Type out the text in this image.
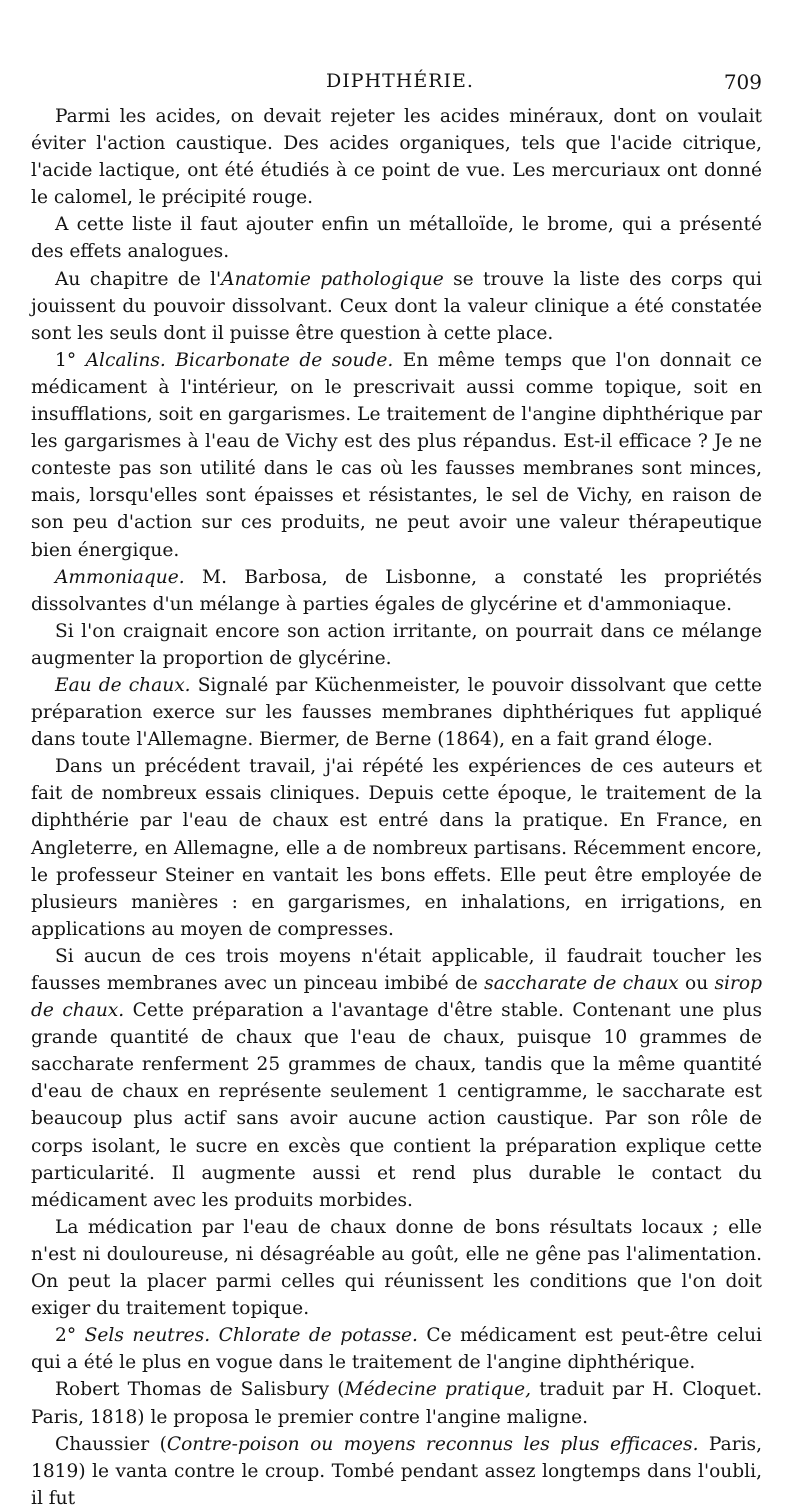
DIPHTHÉRIE.	709

Parmi les acides, on devait rejeter les acides minéraux, dont on voulait éviter l'action caustique. Des acides organiques, tels que l'acide citrique, l'acide lactique, ont été étudiés à ce point de vue. Les mercuriaux ont donné le calomel, le précipité rouge.

A cette liste il faut ajouter enfin un métalloïde, le brome, qui a présenté des effets analogues.

Au chapitre de l'Anatomie pathologique se trouve la liste des corps qui jouissent du pouvoir dissolvant. Ceux dont la valeur clinique a été constatée sont les seuls dont il puisse être question à cette place.

1° Alcalins. Bicarbonate de soude. En même temps que l'on donnait ce médicament à l'intérieur, on le prescrivait aussi comme topique, soit en insufflations, soit en gargarismes. Le traitement de l'angine diphthérique par les gargarismes à l'eau de Vichy est des plus répandus. Est-il efficace ? Je ne conteste pas son utilité dans le cas où les fausses membranes sont minces, mais, lorsqu'elles sont épaisses et résistantes, le sel de Vichy, en raison de son peu d'action sur ces produits, ne peut avoir une valeur thérapeutique bien énergique.

Ammoniaque. M. Barbosa, de Lisbonne, a constaté les propriétés dissolvantes d'un mélange à parties égales de glycérine et d'ammoniaque.

Si l'on craignait encore son action irritante, on pourrait dans ce mélange augmenter la proportion de glycérine.

Eau de chaux. Signalé par Küchenmeister, le pouvoir dissolvant que cette préparation exerce sur les fausses membranes diphthériques fut appliqué dans toute l'Allemagne. Biermer, de Berne (1864), en a fait grand éloge.

Dans un précédent travail, j'ai répété les expériences de ces auteurs et fait de nombreux essais cliniques. Depuis cette époque, le traitement de la diphthérie par l'eau de chaux est entré dans la pratique. En France, en Angleterre, en Allemagne, elle a de nombreux partisans. Récemment encore, le professeur Steiner en vantait les bons effets. Elle peut être employée de plusieurs manières : en gargarismes, en inhalations, en irrigations, en applications au moyen de compresses.

Si aucun de ces trois moyens n'était applicable, il faudrait toucher les fausses membranes avec un pinceau imbibé de saccharate de chaux ou sirop de chaux. Cette préparation a l'avantage d'être stable. Contenant une plus grande quantité de chaux que l'eau de chaux, puisque 10 grammes de saccharate renferment 25 grammes de chaux, tandis que la même quantité d'eau de chaux en représente seulement 1 centigramme, le saccharate est beaucoup plus actif sans avoir aucune action caustique. Par son rôle de corps isolant, le sucre en excès que contient la préparation explique cette particularité. Il augmente aussi et rend plus durable le contact du médicament avec les produits morbides.

La médication par l'eau de chaux donne de bons résultats locaux ; elle n'est ni douloureuse, ni désagréable au goût, elle ne gêne pas l'alimentation. On peut la placer parmi celles qui réunissent les conditions que l'on doit exiger du traitement topique.

2° Sels neutres. Chlorate de potasse. Ce médicament est peut-être celui qui a été le plus en vogue dans le traitement de l'angine diphthérique.

Robert Thomas de Salisbury (Médecine pratique, traduit par H. Cloquet. Paris, 1818) le proposa le premier contre l'angine maligne.

Chaussier (Contre-poison ou moyens reconnus les plus efficaces. Paris, 1819) le vanta contre le croup. Tombé pendant assez longtemps dans l'oubli, il fut
